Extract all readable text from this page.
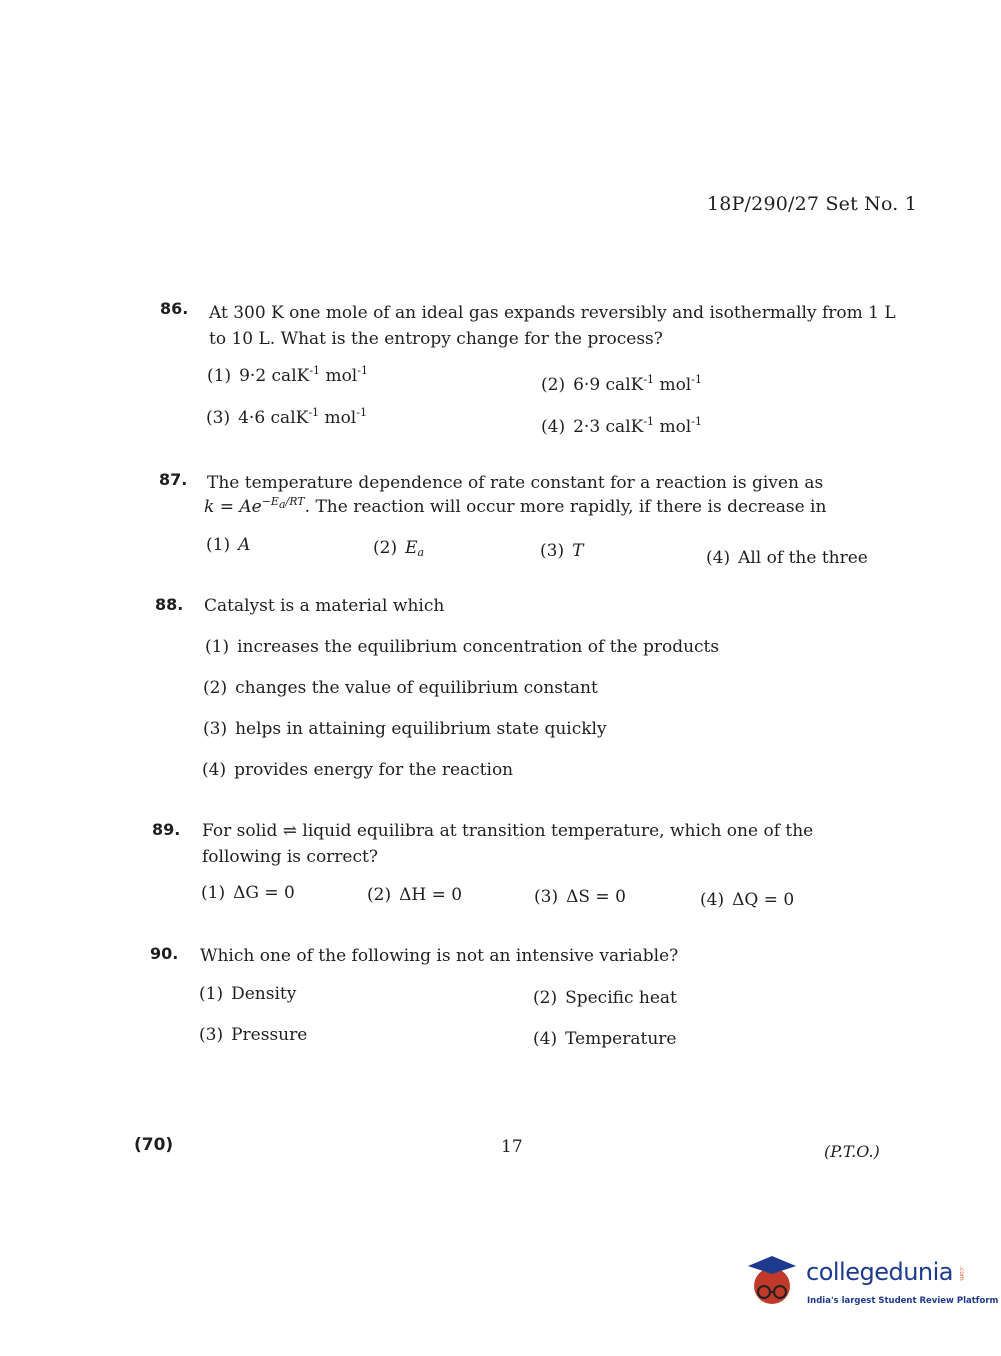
18P/290/27 Set No. 1
86. At 300 K one mole of an ideal gas expands reversibly and isothermally from 1 L to 10 L. What is the entropy change for the process?
(1) 9·2 calK$^{-1}$ mol$^{-1}$
(2) 6·9 calK$^{-1}$ mol$^{-1}$
(3) 4·6 calK$^{-1}$ mol$^{-1}$
(4) 2·3 calK$^{-1}$ mol$^{-1}$
87. The temperature dependence of rate constant for a reaction is given as
$k = Ae^{-E_a/RT}$. The reaction will occur more rapidly, if there is decrease in
(1) A	(2) $E_a$	(3) T	(4) All of the three
88. Catalyst is a material which
(1) increases the equilibrium concentration of the products
(2) changes the value of equilibrium constant
(3) helps in attaining equilibrium state quickly
(4) provides energy for the reaction
89. For solid ⇌ liquid equilibra at transition temperature, which one of the following is correct?
(1) ΔG = 0	(2) ΔH = 0	(3) ΔS = 0	(4) ΔQ = 0
90. Which one of the following is not an intensive variable?
(1) Density	(2) Specific heat
(3) Pressure	(4) Temperature
(70)	17	(P.T.O.)
collegedunia .com
India's largest Student Review Platform
